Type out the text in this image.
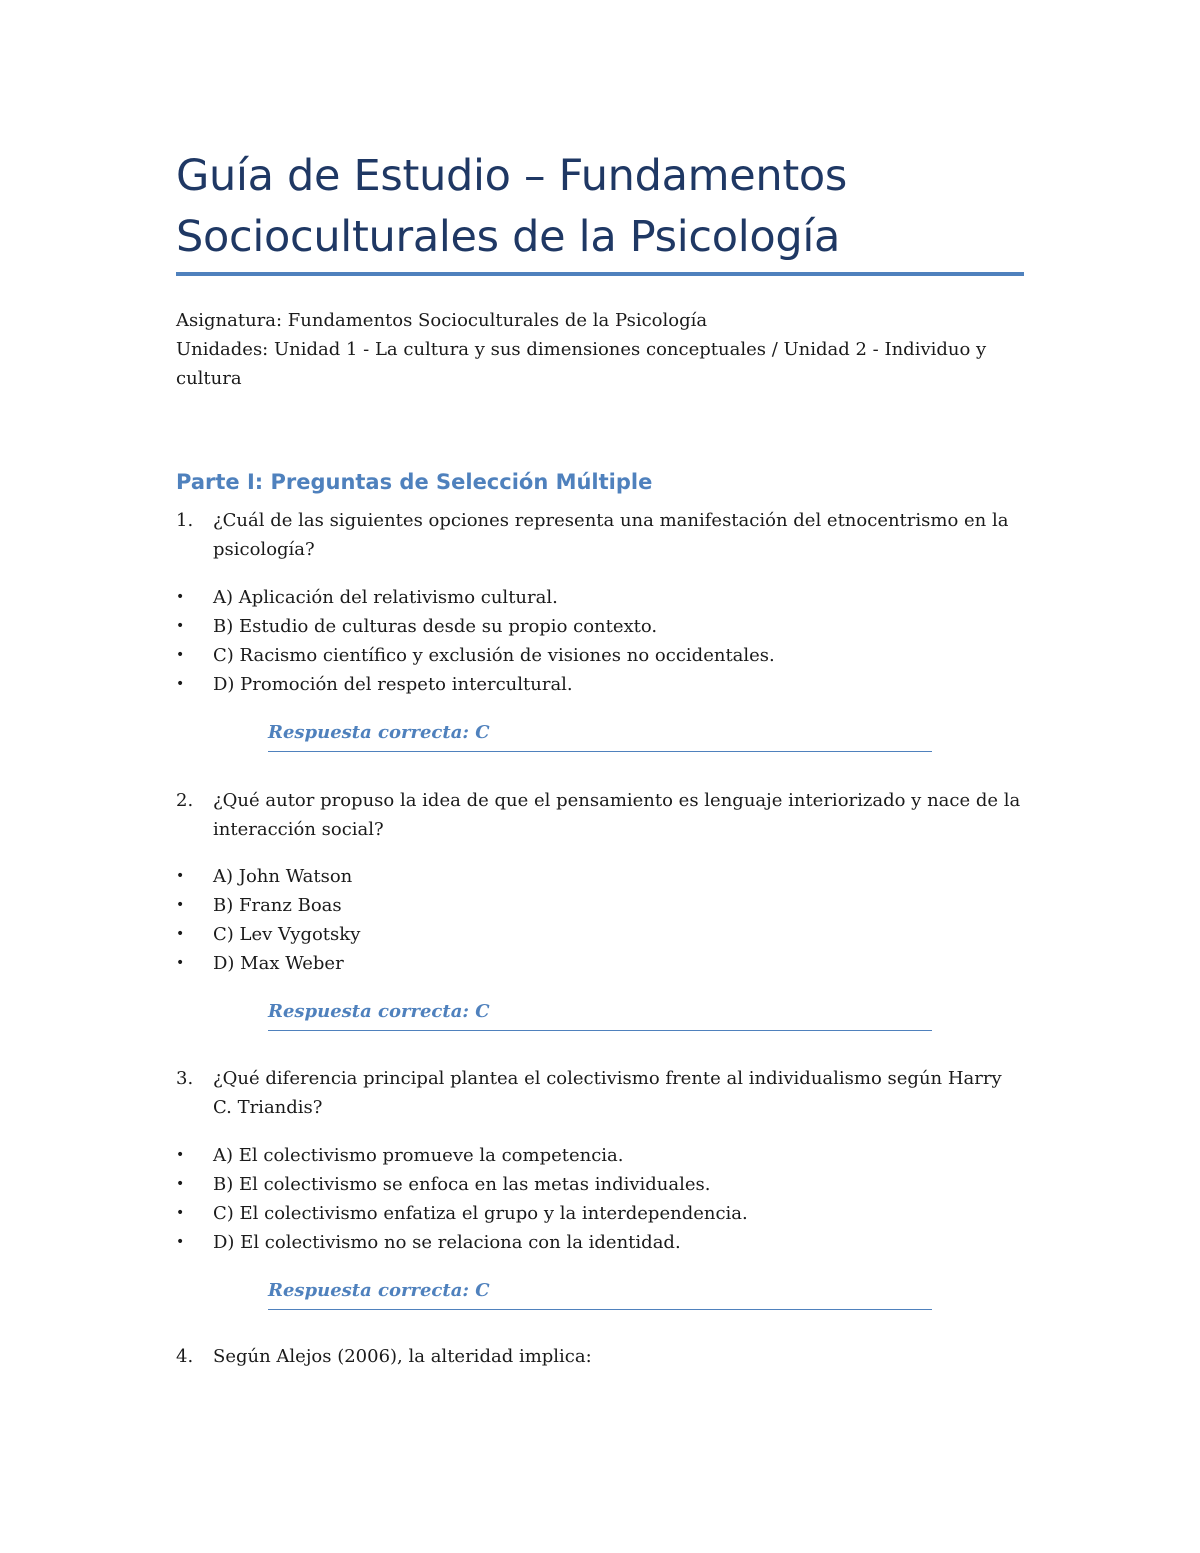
Guía de Estudio – Fundamentos
Socioculturales de la Psicología
Asignatura: Fundamentos Socioculturales de la Psicología
Unidades: Unidad 1 - La cultura y sus dimensiones conceptuales / Unidad 2 - Individuo y
cultura
Parte I: Preguntas de Selección Múltiple
1. ¿Cuál de las siguientes opciones representa una manifestación del etnocentrismo en la psicología?
• A) Aplicación del relativismo cultural.
• B) Estudio de culturas desde su propio contexto.
• C) Racismo científico y exclusión de visiones no occidentales.
• D) Promoción del respeto intercultural.
Respuesta correcta: C
2. ¿Qué autor propuso la idea de que el pensamiento es lenguaje interiorizado y nace de la interacción social?
• A) John Watson
• B) Franz Boas
• C) Lev Vygotsky
• D) Max Weber
Respuesta correcta: C
3. ¿Qué diferencia principal plantea el colectivismo frente al individualismo según Harry C. Triandis?
• A) El colectivismo promueve la competencia.
• B) El colectivismo se enfoca en las metas individuales.
• C) El colectivismo enfatiza el grupo y la interdependencia.
• D) El colectivismo no se relaciona con la identidad.
Respuesta correcta: C
4. Según Alejos (2006), la alteridad implica:
